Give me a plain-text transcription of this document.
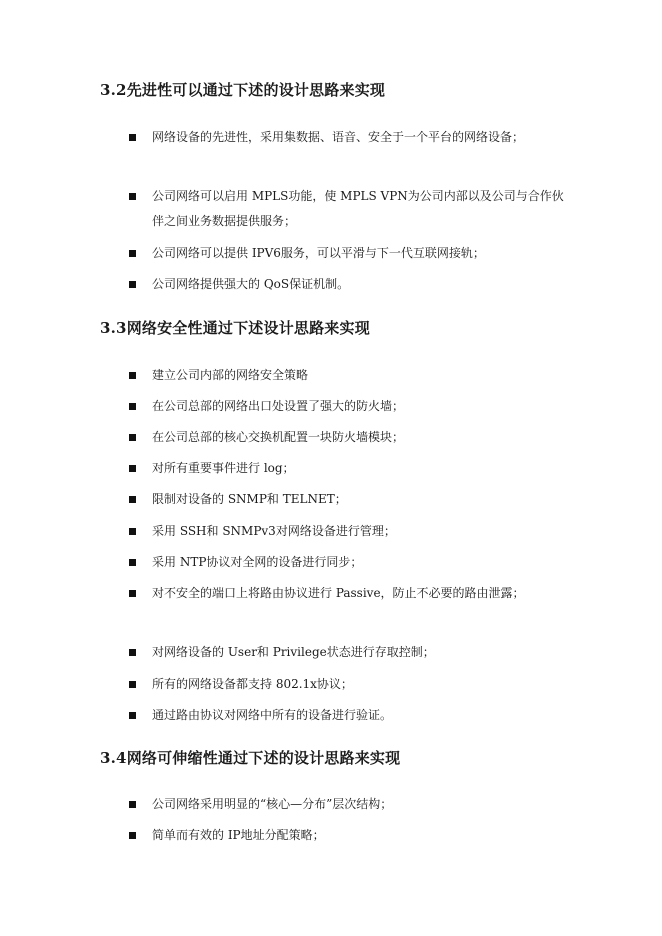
3.2先进性可以通过下述的设计思路来实现
网络设备的先进性，采用集数据、语音、安全于一个平台的网络设备；
公司网络可以启用 MPLS功能，使 MPLS VPN为公司内部以及公司与合作伙伴之间业务数据提供服务；
公司网络可以提供 IPV6服务，可以平滑与下一代互联网接轨；
公司网络提供强大的 QoS保证机制。
3.3网络安全性通过下述设计思路来实现
建立公司内部的网络安全策略
在公司总部的网络出口处设置了强大的防火墙；
在公司总部的核心交换机配置一块防火墙模块；
对所有重要事件进行 log；
限制对设备的 SNMP和 TELNET；
采用 SSH和 SNMPv3对网络设备进行管理；
采用 NTP协议对全网的设备进行同步；
对不安全的端口上将路由协议进行 Passive，防止不必要的路由泄露；
对网络设备的 User和 Privilege状态进行存取控制；
所有的网络设备都支持 802.1x协议；
通过路由协议对网络中所有的设备进行验证。
3.4网络可伸缩性通过下述的设计思路来实现
公司网络采用明显的“核心—分布”层次结构；
简单而有效的 IP地址分配策略；
